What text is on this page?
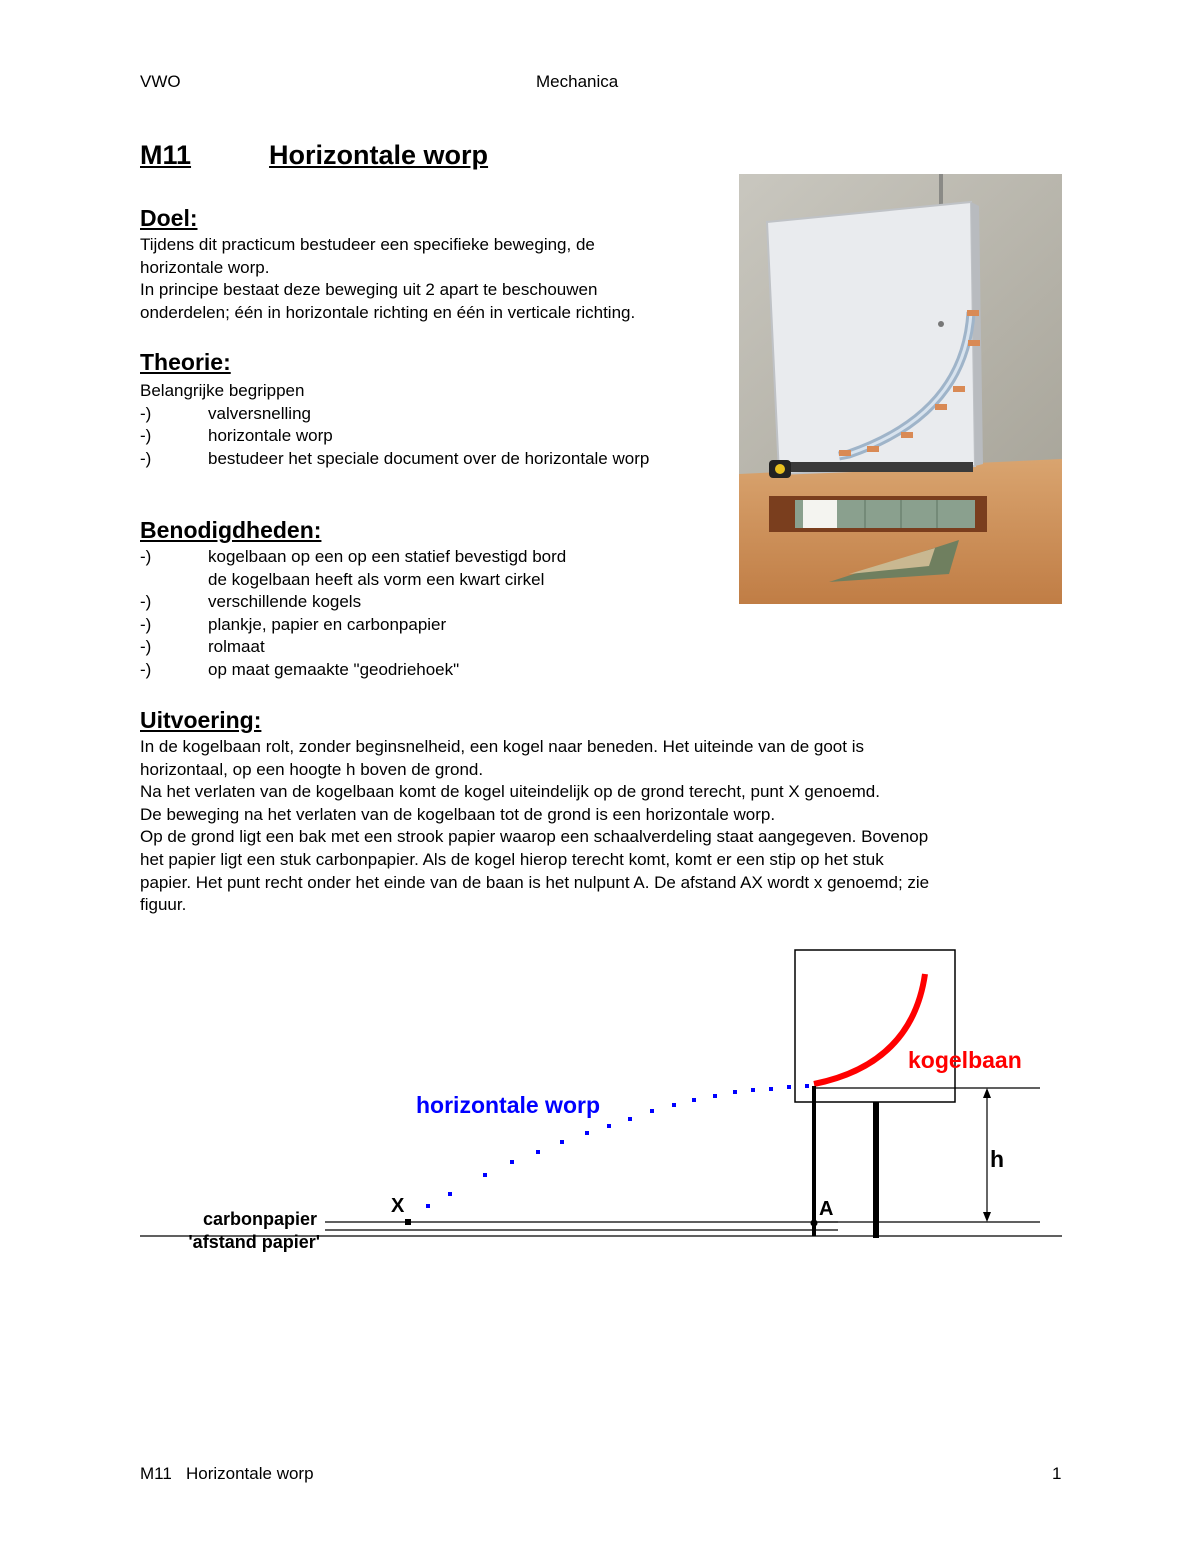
VWO	Mechanica
M11	Horizontale worp
Doel:

Tijdens dit practicum bestudeer een specifieke beweging, de

horizontale worp.

In principe bestaat deze beweging uit 2 apart te beschouwen

onderdelen; één in horizontale richting en één in verticale richting.

Theorie:
Belangrijke begrippen
-)	valversnelling
-)	horizontale worp
-)	bestudeer het speciale document over de horizontale worp
Benodigdheden:
-)	kogelbaan op een op een statief bevestigd bord
de kogelbaan heeft als vorm een kwart cirkel
-)	verschillende kogels
-)	plankje, papier en carbonpapier
-)	rolmaat
-)	op maat gemaakte "geodriehoek"
Uitvoering:

In de kogelbaan rolt, zonder beginsnelheid, een kogel naar beneden. Het uiteinde van de goot is

horizontaal, op een hoogte h boven de grond.

Na het verlaten van de kogelbaan komt de kogel uiteindelijk op de grond terecht, punt X genoemd.

De beweging na het verlaten van de kogelbaan tot de grond is een horizontale worp.

Op de grond ligt een bak met een strook papier waarop een schaalverdeling staat aangegeven. Bovenop

het papier ligt een stuk carbonpapier. Als de kogel hierop terecht komt, komt er een stip op het stuk

papier. Het punt recht onder het einde van de baan is het nulpunt A. De afstand AX wordt x genoemd; zie

figuur.

kogelbaan
horizontale worp
h
X	A
carbonpapier
'afstand papier'
M11   Horizontale worp	1
